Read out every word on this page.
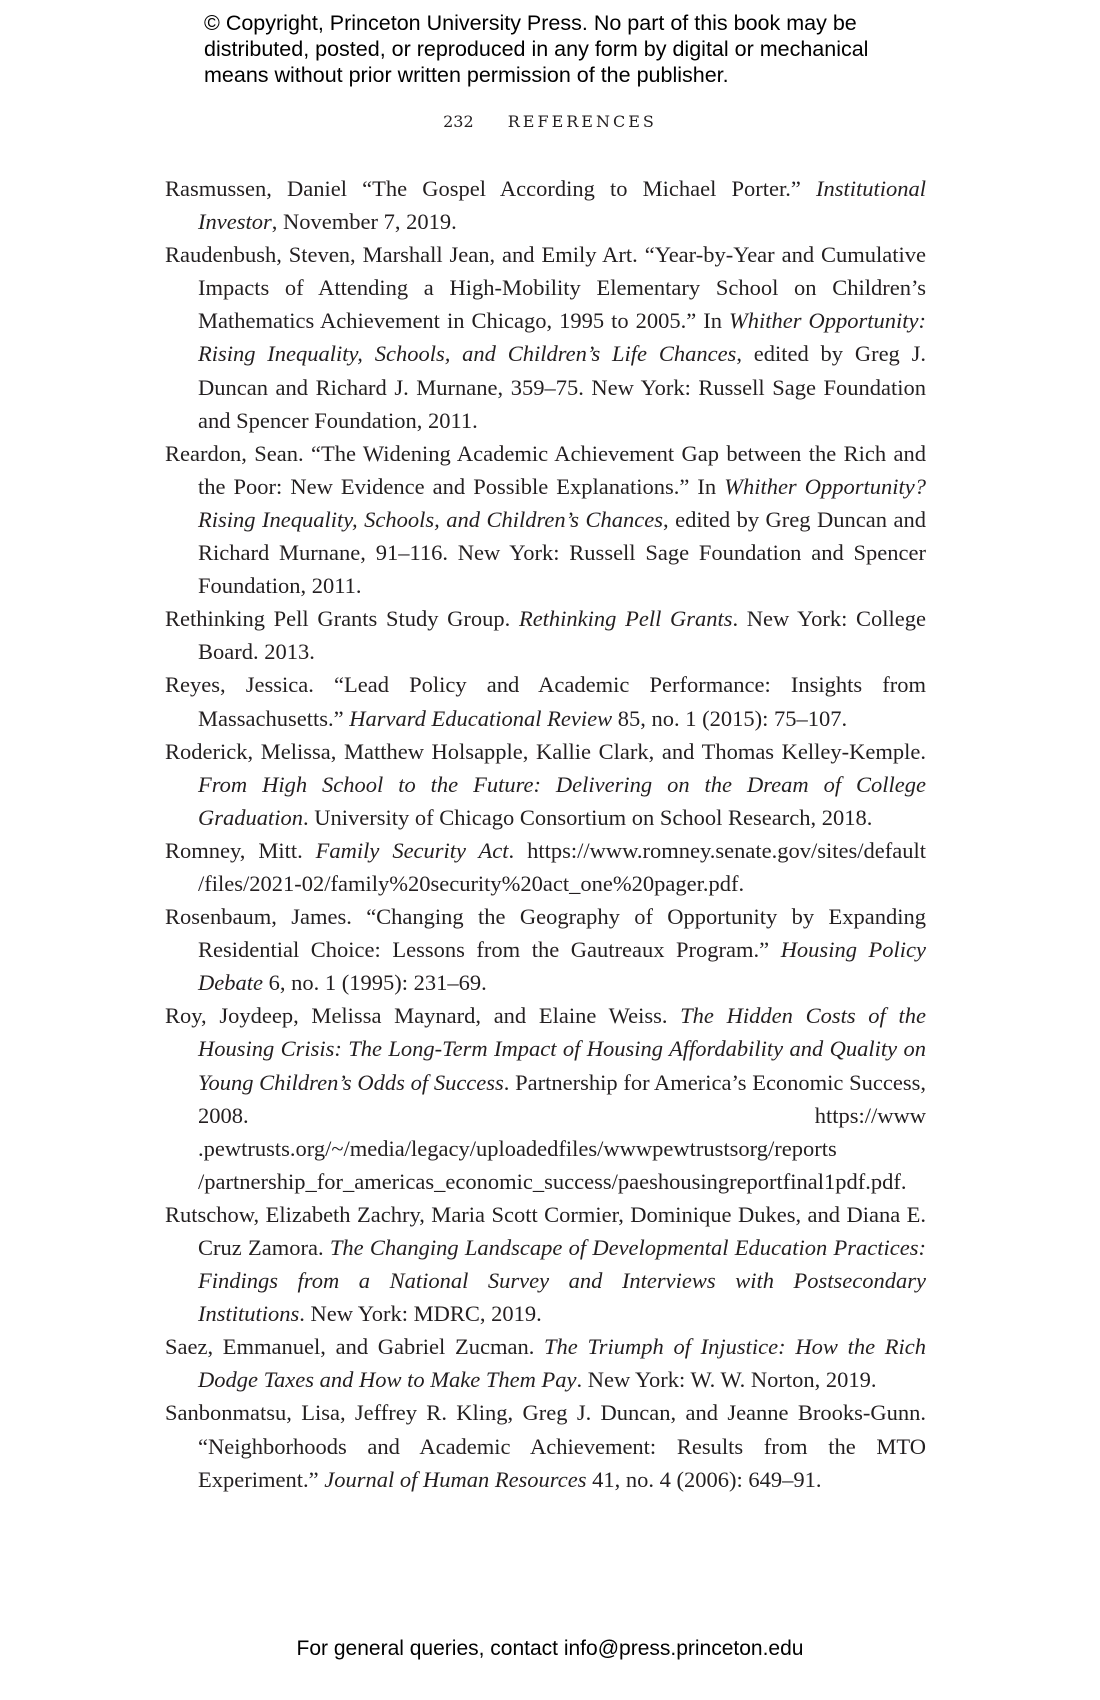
© Copyright, Princeton University Press. No part of this book may be distributed, posted, or reproduced in any form by digital or mechanical means without prior written permission of the publisher.
232 REFERENCES
Rasmussen, Daniel “The Gospel According to Michael Porter.” Institutional Investor, November 7, 2019.
Raudenbush, Steven, Marshall Jean, and Emily Art. “Year-by-Year and Cumulative Impacts of Attending a High-Mobility Elementary School on Children’s Mathematics Achievement in Chicago, 1995 to 2005.” In Whither Opportunity: Rising Inequality, Schools, and Children’s Life Chances, edited by Greg J. Duncan and Richard J. Murnane, 359–75. New York: Russell Sage Foundation and Spencer Foundation, 2011.
Reardon, Sean. “The Widening Academic Achievement Gap between the Rich and the Poor: New Evidence and Possible Explanations.” In Whither Opportunity? Rising Inequality, Schools, and Children’s Chances, edited by Greg Duncan and Richard Murnane, 91–116. New York: Russell Sage Foundation and Spencer Foundation, 2011.
Rethinking Pell Grants Study Group. Rethinking Pell Grants. New York: College Board. 2013.
Reyes, Jessica. “Lead Policy and Academic Performance: Insights from Massachusetts.” Harvard Educational Review 85, no. 1 (2015): 75–107.
Roderick, Melissa, Matthew Holsapple, Kallie Clark, and Thomas Kelley-Kemple. From High School to the Future: Delivering on the Dream of College Graduation. University of Chicago Consortium on School Research, 2018.
Romney, Mitt. Family Security Act. https://www.romney.senate.gov/sites/default /files/2021-02/family%20security%20act_one%20pager.pdf.
Rosenbaum, James. “Changing the Geography of Opportunity by Expanding Residential Choice: Lessons from the Gautreaux Program.” Housing Policy Debate 6, no. 1 (1995): 231–69.
Roy, Joydeep, Melissa Maynard, and Elaine Weiss. The Hidden Costs of the Housing Crisis: The Long-Term Impact of Housing Affordability and Quality on Young Children’s Odds of Success. Partnership for America’s Economic Success, 2008. https://www .pewtrusts.org/~/media/legacy/uploadedfiles/wwwpewtrustsorg/reports /partnership_for_americas_economic_success/paeshousingreportfinal1pdf.pdf.
Rutschow, Elizabeth Zachry, Maria Scott Cormier, Dominique Dukes, and Diana E. Cruz Zamora. The Changing Landscape of Developmental Education Practices: Findings from a National Survey and Interviews with Postsecondary Institutions. New York: MDRC, 2019.
Saez, Emmanuel, and Gabriel Zucman. The Triumph of Injustice: How the Rich Dodge Taxes and How to Make Them Pay. New York: W. W. Norton, 2019.
Sanbonmatsu, Lisa, Jeffrey R. Kling, Greg J. Duncan, and Jeanne Brooks-Gunn. “Neighborhoods and Academic Achievement: Results from the MTO Experiment.” Journal of Human Resources 41, no. 4 (2006): 649–91.
For general queries, contact info@press.princeton.edu
